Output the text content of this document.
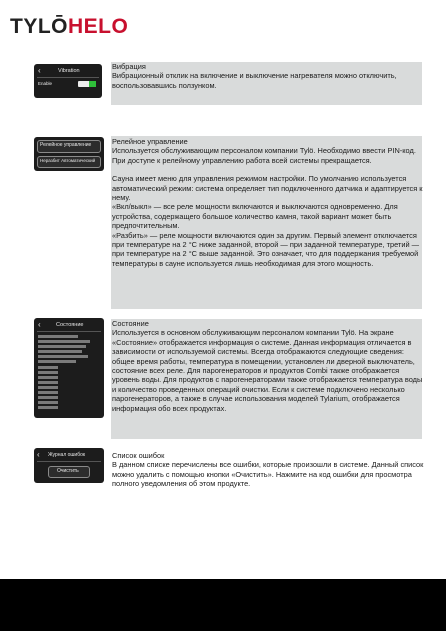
TYLŌHELO
‹	Vibration
Enable

Вибрация

Вибрационный отклик на включение и выключение нагревателя можно отключить, воспользовавшись ползунком.

Релейное управление
Неразбит Автоматический

Релейное управление

Используется обслуживающим персоналом компании Tylö. Необходимо ввести PIN-код. При доступе к релейному управлению работа всей системы прекращается.

Сауна имеет меню для управления режимом настройки. По умолчанию используется автоматический режим: система определяет тип подключенного датчика и адаптируется к нему.

«Вкл/выкл» — все реле мощности включаются и выключаются одновременно. Для устройства, содержащего большое количество камня, такой вариант может быть предпочтительным.

«Разбить» — реле мощности включаются один за другим. Первый элемент отключается при температуре на 2 °C ниже заданной, второй — при заданной температуре, третий — при температуре на 2 °C выше заданной. Это означает, что для поддержания требуемой температуры в сауне используется лишь необходимая для этого мощность.

‹	Состояние	Состояние

Используется в основном обслуживающим персоналом компании Tylö. На экране «Состояние» отображается информация о системе. Данная информация отличается в зависимости от используемой системы. Всегда отображаются следующие сведения: общее время работы, температура в помещении, установлен ли дверной выключатель, состояние всех реле. Для парогенераторов и продуктов Combi также отображается уровень воды. Для продуктов с парогенераторами также отображается температура воды и количество проведенных операций очистки. Если к системе подключено несколько парогенераторов, а также в случае использования моделей Tylarium, отображается информация обо всех продуктах.

‹ Журнал ошибок
Очистить

Список ошибок

В данном списке перечислены все ошибки, которые произошли в системе. Данный список можно удалить с помощью кнопки «Очистить». Нажмите на код ошибки для просмотра полного уведомления об этом продукте.
